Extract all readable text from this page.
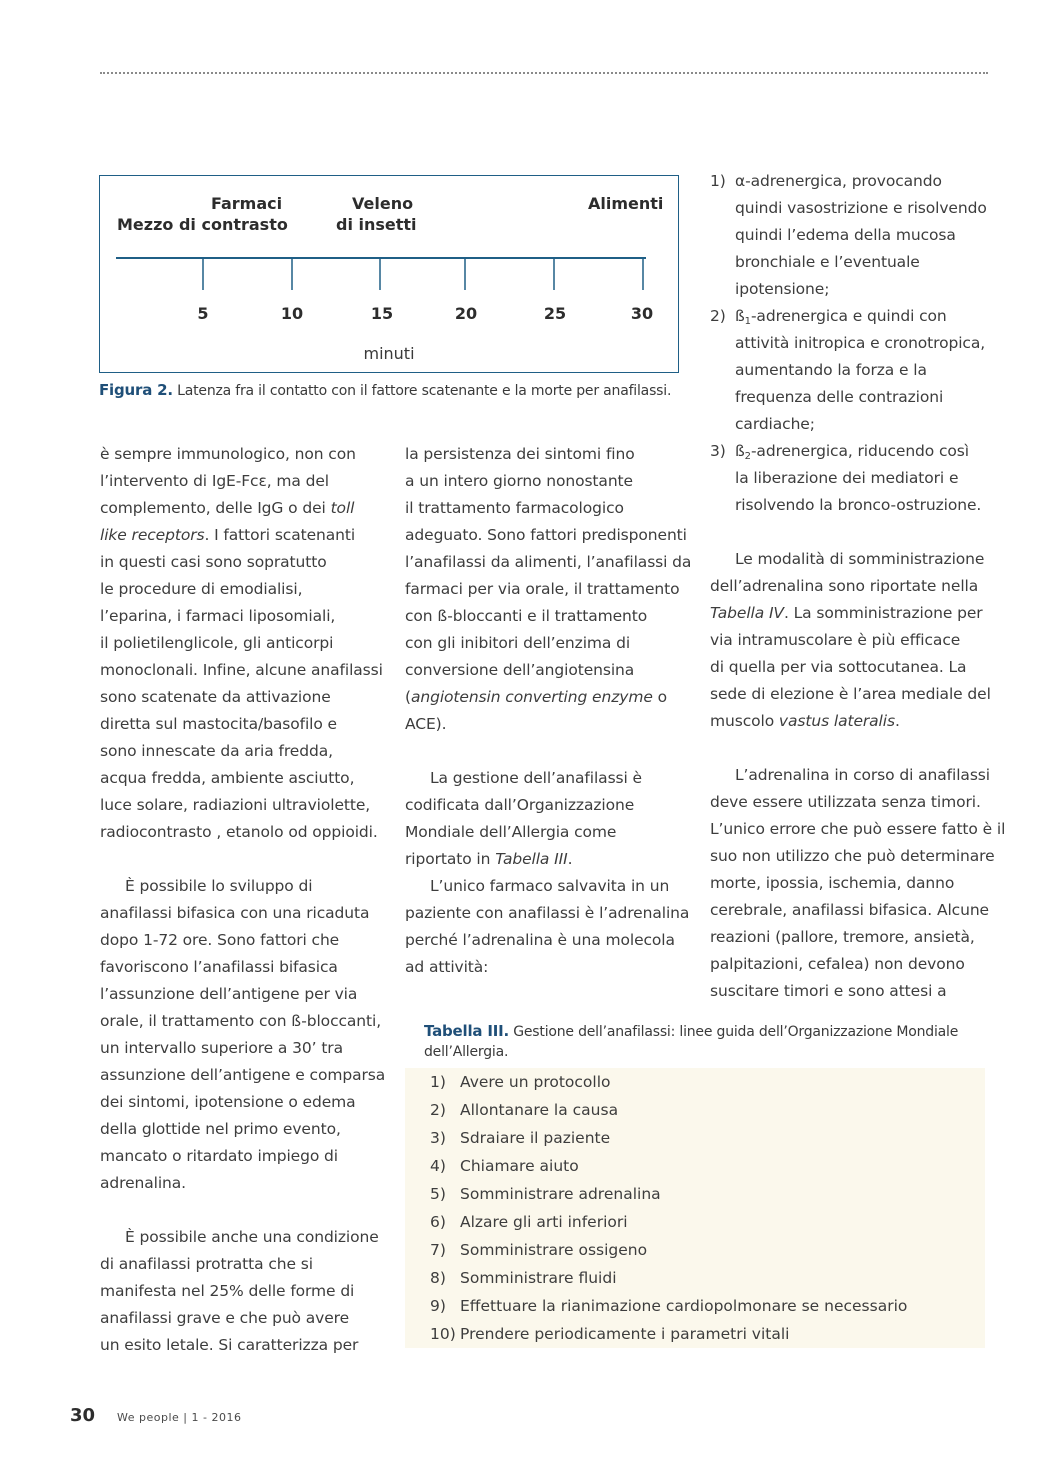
Farmaci
Mezzo di contrasto
Veleno
di insetti
Alimenti
5	10	15	20	25	30
minuti
Figura 2. Latenza fra il contatto con il fattore scatenante e la morte per anafilassi.
è sempre immunologico, non con
l’intervento di IgE-Fcε, ma del
complemento, delle IgG o dei toll
like receptors. I fattori scatenanti
in questi casi sono sopratutto
le procedure di emodialisi,
l’eparina, i farmaci liposomiali,
il polietilenglicole, gli anticorpi
monoclonali. Infine, alcune anafilassi
sono scatenate da attivazione
diretta sul mastocita/basofilo e
sono innescate da aria fredda,
acqua fredda, ambiente asciutto,
luce solare, radiazioni ultraviolette,
radiocontrasto , etanolo od oppioidi.
È possibile lo sviluppo di
anafilassi bifasica con una ricaduta
dopo 1-72 ore. Sono fattori che
favoriscono l’anafilassi bifasica
l’assunzione dell’antigene per via
orale, il trattamento con ß-bloccanti,
un intervallo superiore a 30’ tra
assunzione dell’antigene e comparsa
dei sintomi, ipotensione o edema
della glottide nel primo evento,
mancato o ritardato impiego di
adrenalina.
È possibile anche una condizione
di anafilassi protratta che si
manifesta nel 25% delle forme di
anafilassi grave e che può avere
un esito letale. Si caratterizza per
la persistenza dei sintomi fino
a un intero giorno nonostante
il trattamento farmacologico
adeguato. Sono fattori predisponenti
l’anafilassi da alimenti, l’anafilassi da
farmaci per via orale, il trattamento
con ß-bloccanti e il trattamento
con gli inibitori dell’enzima di
conversione dell’angiotensina
(angiotensin converting enzyme o
ACE).
La gestione dell’anafilassi è
codificata dall’Organizzazione
Mondiale dell’Allergia come
riportato in Tabella III.
L’unico farmaco salvavita in un
paziente con anafilassi è l’adrenalina
perché l’adrenalina è una molecola
ad attività:
1) α-adrenergica, provocando
quindi vasostrizione e risolvendo
quindi l’edema della mucosa
bronchiale e l’eventuale
ipotensione;
2) $ß_1$-adrenergica e quindi con
attività initropica e cronotropica,
aumentando la forza e la
frequenza delle contrazioni
cardiache;
3) $ß_2$-adrenergica, riducendo così
la liberazione dei mediatori e
risolvendo la bronco-ostruzione.
Le modalità di somministrazione
dell’adrenalina sono riportate nella
Tabella IV. La somministrazione per
via intramuscolare è più efficace
di quella per via sottocutanea. La
sede di elezione è l’area mediale del
muscolo vastus lateralis.
L’adrenalina in corso di anafilassi
deve essere utilizzata senza timori.
L’unico errore che può essere fatto è il
suo non utilizzo che può determinare
morte, ipossia, ischemia, danno
cerebrale, anafilassi bifasica. Alcune
reazioni (pallore, tremore, ansietà,
palpitazioni, cefalea) non devono
suscitare timori e sono attesi a
Tabella III. Gestione dell’anafilassi: linee guida dell’Organizzazione Mondiale dell’Allergia.
1) Avere un protocollo
2) Allontanare la causa
3) Sdraiare il paziente
4) Chiamare aiuto
5) Somministrare adrenalina
6) Alzare gli arti inferiori
7) Somministrare ossigeno
8) Somministrare fluidi
9) Effettuare la rianimazione cardiopolmonare se necessario
10) Prendere periodicamente i parametri vitali
30 We people | 1 - 2016
